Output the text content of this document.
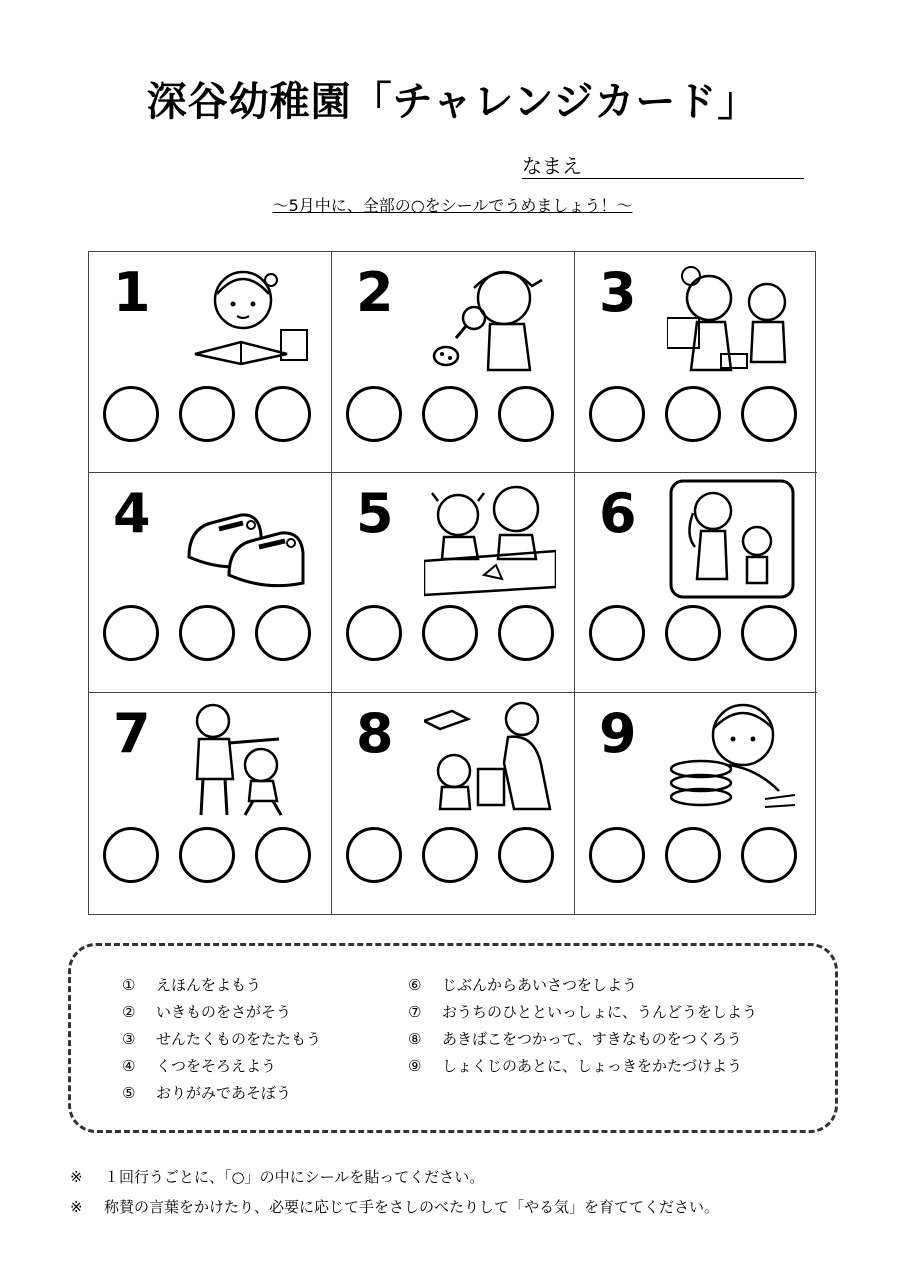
深谷幼稚園「チャレンジカード」
なまえ
～5月中に、全部の○をシールでうめましょう！～
1	2	3
4	5	6
7	8	9
① えほんをよもう
② いきものをさがそう
③ せんたくものをたたもう
④ くつをそろえよう
⑤ おりがみであそぼう
⑥ じぶんからあいさつをしよう
⑦ おうちのひとといっしょに、うんどうをしよう
⑧ あきばこをつかって、すきなものをつくろう
⑨ しょくじのあとに、しょっきをかたづけよう
※ １回行うごとに、「○」の中にシールを貼ってください。
※ 称賛の言葉をかけたり、必要に応じて手をさしのべたりして「やる気」を育ててください。
